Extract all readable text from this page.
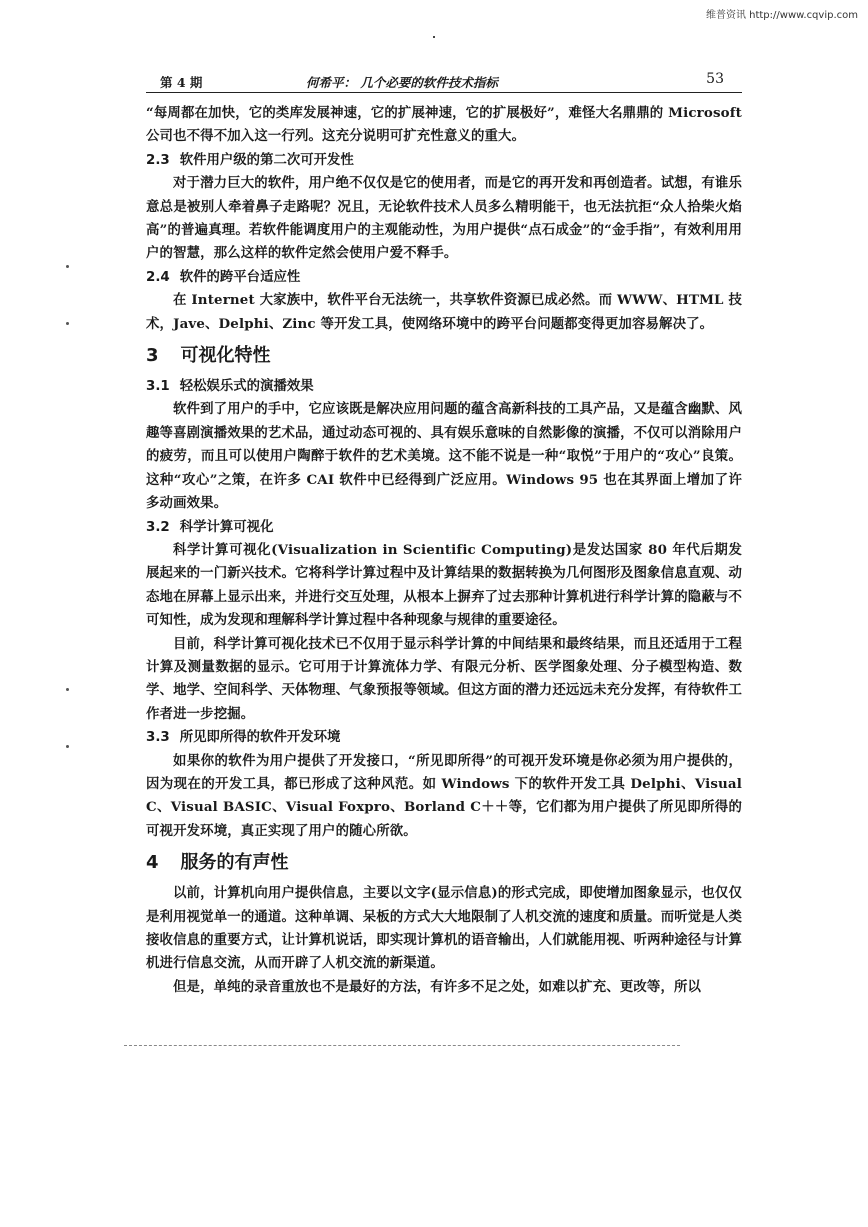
维普资讯 http://www.cqvip.com
第 4 期	何希平： 几个必要的软件技术指标	53

“每周都在加快，它的类库发展神速，它的扩展神速，它的扩展极好”，难怪大名鼎鼎的 Microsoft 公司也不得不加入这一行列。这充分说明可扩充性意义的重大。

2.3 软件用户级的第二次可开发性

对于潜力巨大的软件，用户绝不仅仅是它的使用者，而是它的再开发和再创造者。试想，有谁乐意总是被别人牵着鼻子走路呢？况且，无论软件技术人员多么精明能干，也无法抗拒“众人拾柴火焰高”的普遍真理。若软件能调度用户的主观能动性，为用户提供“点石成金”的“金手指”，有效利用用户的智慧，那么这样的软件定然会使用户爱不释手。

2.4 软件的跨平台适应性

在 Internet 大家族中，软件平台无法统一，共享软件资源已成必然。而 WWW、HTML 技术，Jave、Delphi、Zinc 等开发工具，使网络环境中的跨平台问题都变得更加容易解决了。

3 可视化特性
3.1 轻松娱乐式的演播效果

软件到了用户的手中，它应该既是解决应用问题的蕴含高新科技的工具产品，又是蕴含幽默、风趣等喜剧演播效果的艺术品，通过动态可视的、具有娱乐意味的自然影像的演播，不仅可以消除用户的疲劳，而且可以使用户陶醉于软件的艺术美境。这不能不说是一种“取悦”于用户的“攻心”良策。这种“攻心”之策，在许多 CAI 软件中已经得到广泛应用。Windows 95 也在其界面上增加了许多动画效果。

3.2 科学计算可视化

科学计算可视化(Visualization in Scientific Computing)是发达国家 80 年代后期发展起来的一门新兴技术。它将科学计算过程中及计算结果的数据转换为几何图形及图象信息直观、动态地在屏幕上显示出来，并进行交互处理，从根本上摒弃了过去那种计算机进行科学计算的隐蔽与不可知性，成为发现和理解科学计算过程中各种现象与规律的重要途径。

目前，科学计算可视化技术已不仅用于显示科学计算的中间结果和最终结果，而且还适用于工程计算及测量数据的显示。它可用于计算流体力学、有限元分析、医学图象处理、分子模型构造、数学、地学、空间科学、天体物理、气象预报等领域。但这方面的潜力还远远未充分发挥，有待软件工作者进一步挖掘。

3.3 所见即所得的软件开发环境

如果你的软件为用户提供了开发接口，“所见即所得”的可视开发环境是你必须为用户提供的，因为现在的开发工具，都已形成了这种风范。如 Windows 下的软件开发工具 Delphi、Visual C、Visual BASIC、Visual Foxpro、Borland C＋＋等，它们都为用户提供了所见即所得的可视开发环境，真正实现了用户的随心所欲。

4 服务的有声性

以前，计算机向用户提供信息，主要以文字(显示信息)的形式完成，即使增加图象显示，也仅仅是利用视觉单一的通道。这种单调、呆板的方式大大地限制了人机交流的速度和质量。而听觉是人类接收信息的重要方式，让计算机说话，即实现计算机的语音输出，人们就能用视、听两种途径与计算机进行信息交流，从而开辟了人机交流的新渠道。

但是，单纯的录音重放也不是最好的方法，有许多不足之处，如难以扩充、更改等，所以
